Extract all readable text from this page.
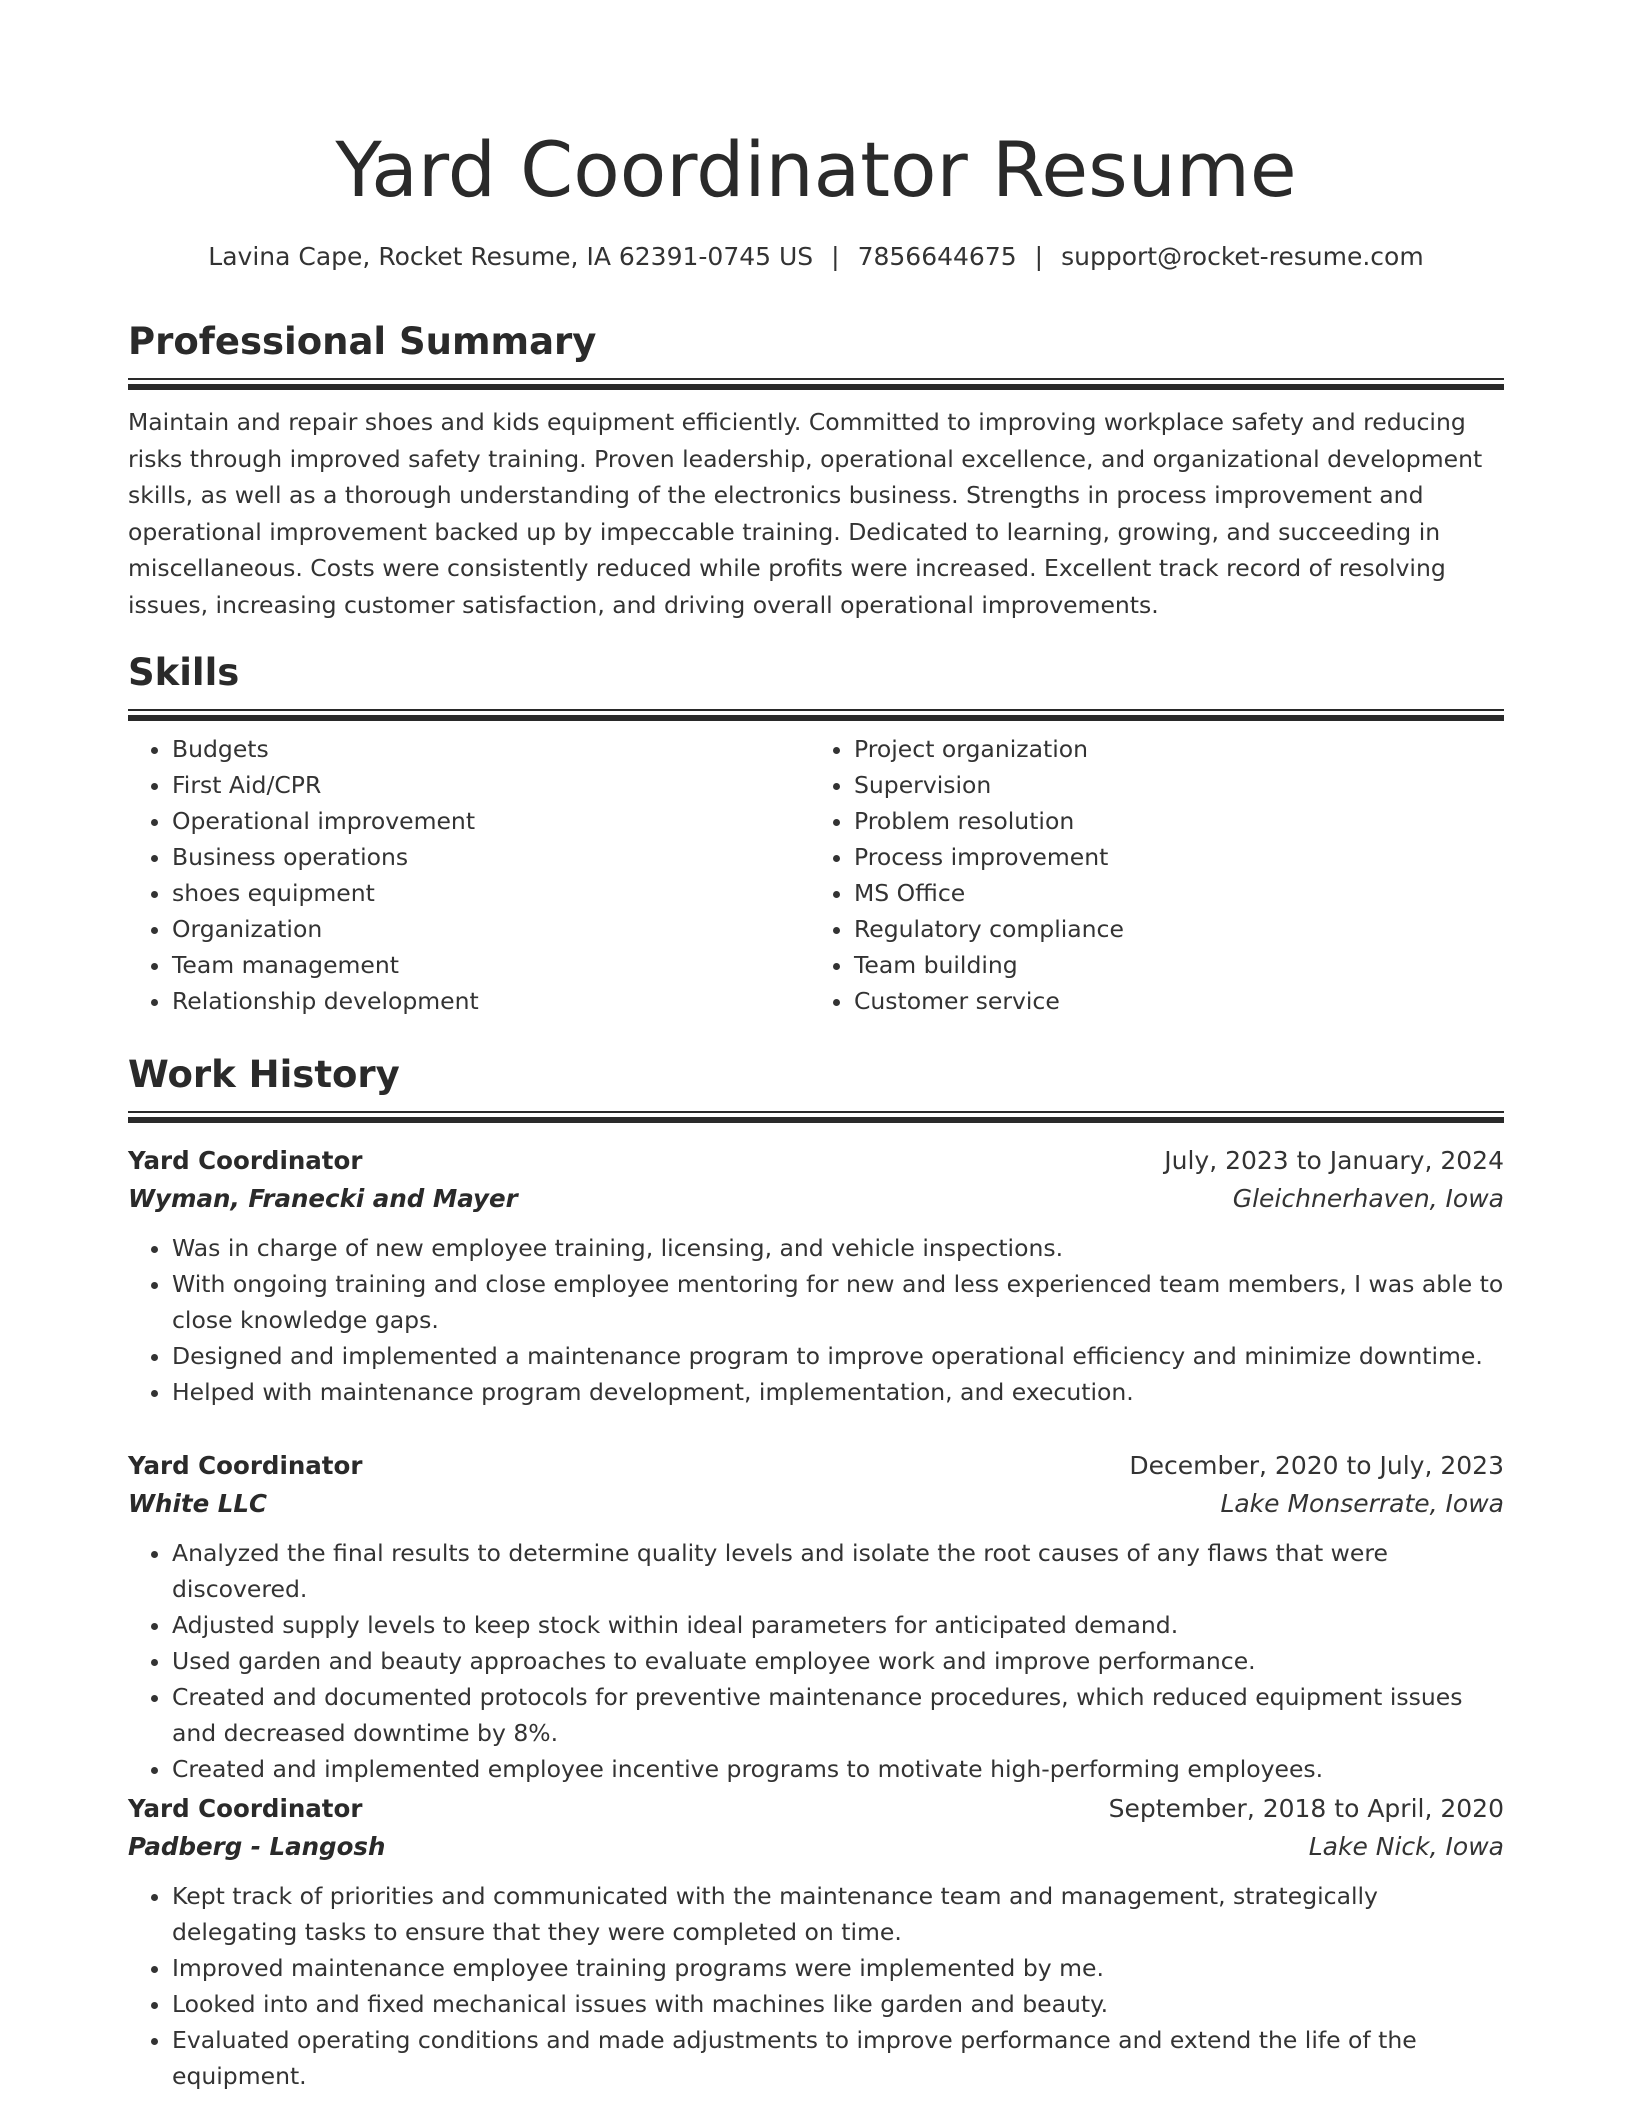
Yard Coordinator Resume
Lavina Cape, Rocket Resume, IA 62391-0745 US | 7856644675 | support@rocket-resume.com
Professional Summary
Maintain and repair shoes and kids equipment efficiently. Committed to improving workplace safety and reducing risks through improved safety training. Proven leadership, operational excellence, and organizational development skills, as well as a thorough understanding of the electronics business. Strengths in process improvement and operational improvement backed up by impeccable training. Dedicated to learning, growing, and succeeding in miscellaneous. Costs were consistently reduced while profits were increased. Excellent track record of resolving issues, increasing customer satisfaction, and driving overall operational improvements.
Skills
• Budgets
• First Aid/CPR
• Operational improvement
• Business operations
• shoes equipment
• Organization
• Team management
• Relationship development
• Project organization
• Supervision
• Problem resolution
• Process improvement
• MS Office
• Regulatory compliance
• Team building
• Customer service
Work History
Yard Coordinator	July, 2023 to January, 2024
Wyman, Franecki and Mayer	Gleichnerhaven, Iowa
• Was in charge of new employee training, licensing, and vehicle inspections.
• With ongoing training and close employee mentoring for new and less experienced team members, I was able to close knowledge gaps.
• Designed and implemented a maintenance program to improve operational efficiency and minimize downtime.
• Helped with maintenance program development, implementation, and execution.
Yard Coordinator	December, 2020 to July, 2023
White LLC	Lake Monserrate, Iowa
• Analyzed the final results to determine quality levels and isolate the root causes of any flaws that were discovered.
• Adjusted supply levels to keep stock within ideal parameters for anticipated demand.
• Used garden and beauty approaches to evaluate employee work and improve performance.
• Created and documented protocols for preventive maintenance procedures, which reduced equipment issues and decreased downtime by 8%.
• Created and implemented employee incentive programs to motivate high-performing employees.
Yard Coordinator	September, 2018 to April, 2020
Padberg - Langosh	Lake Nick, Iowa
• Kept track of priorities and communicated with the maintenance team and management, strategically delegating tasks to ensure that they were completed on time.
• Improved maintenance employee training programs were implemented by me.
• Looked into and fixed mechanical issues with machines like garden and beauty.
• Evaluated operating conditions and made adjustments to improve performance and extend the life of the equipment.
